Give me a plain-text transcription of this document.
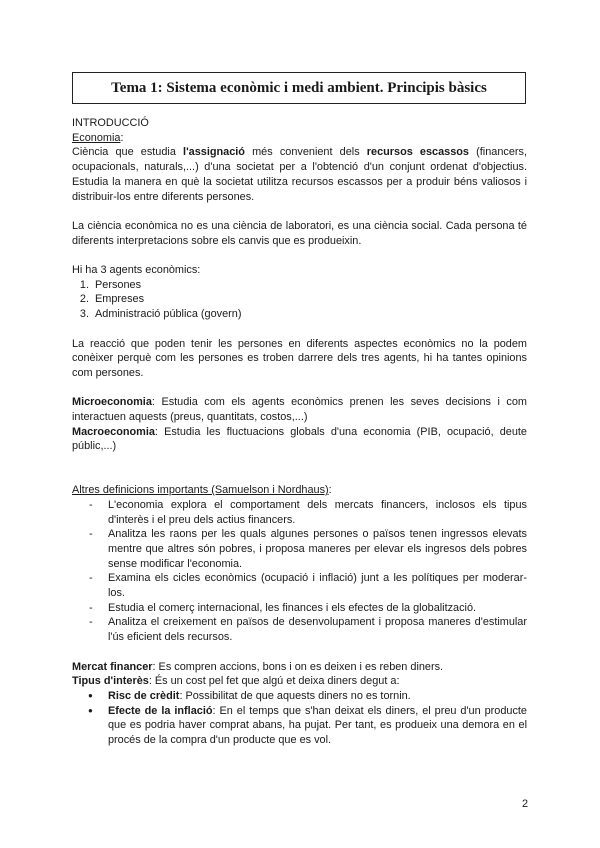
Tema 1: Sistema econòmic i medi ambient. Principis bàsics

INTRODUCCIÓ

Economia:

Ciència que estudia l'assignació més convenient dels recursos escassos (financers, ocupacionals, naturals,...) d'una societat per a l'obtenció d'un conjunt ordenat d'objectius. Estudia la manera en què la societat utilitza recursos escassos per a produir béns valiosos i distribuir-los entre diferents persones.

La ciència econòmica no es una ciència de laboratori, es una ciència social. Cada persona té diferents interpretacions sobre els canvis que es produeixin.

Hi ha 3 agents econòmics:

1. Persones
2. Empreses
3. Administració pública (govern)

La reacció que poden tenir les persones en diferents aspectes econòmics no la podem conèixer perquè com les persones es troben darrere dels tres agents, hi ha tantes opinions com persones.

Microeconomia: Estudia com els agents econòmics prenen les seves decisions i com interactuen aquests (preus, quantitats, costos,...)

Macroeconomia: Estudia les fluctuacions globals d'una economia (PIB, ocupació, deute públic,...)

Altres definicions importants (Samuelson i Nordhaus):

- L'economia explora el comportament dels mercats financers, inclosos els tipus d'interès i el preu dels actius financers.
- Analitza les raons per les quals algunes persones o països tenen ingressos elevats mentre que altres són pobres, i proposa maneres per elevar els ingresos dels pobres sense modificar l'economia.
- Examina els cicles econòmics (ocupació i inflació) junt a les polítiques per moderar-los.
- Estudia el comerç internacional, les finances i els efectes de la globalització.
- Analitza el creixement en països de desenvolupament i proposa maneres d'estimular l'ús eficient dels recursos.

Mercat financer: Es compren accions, bons i on es deixen i es reben diners.

Tipus d'interès: És un cost pel fet que algú et deixa diners degut a:

● Risc de crèdit: Possibilitat de que aquests diners no es tornin.
● Efecte de la inflació: En el temps que s'han deixat els diners, el preu d'un producte que es podria haver comprat abans, ha pujat. Per tant, es produeix una demora en el procés de la compra d'un producte que es vol.
2
